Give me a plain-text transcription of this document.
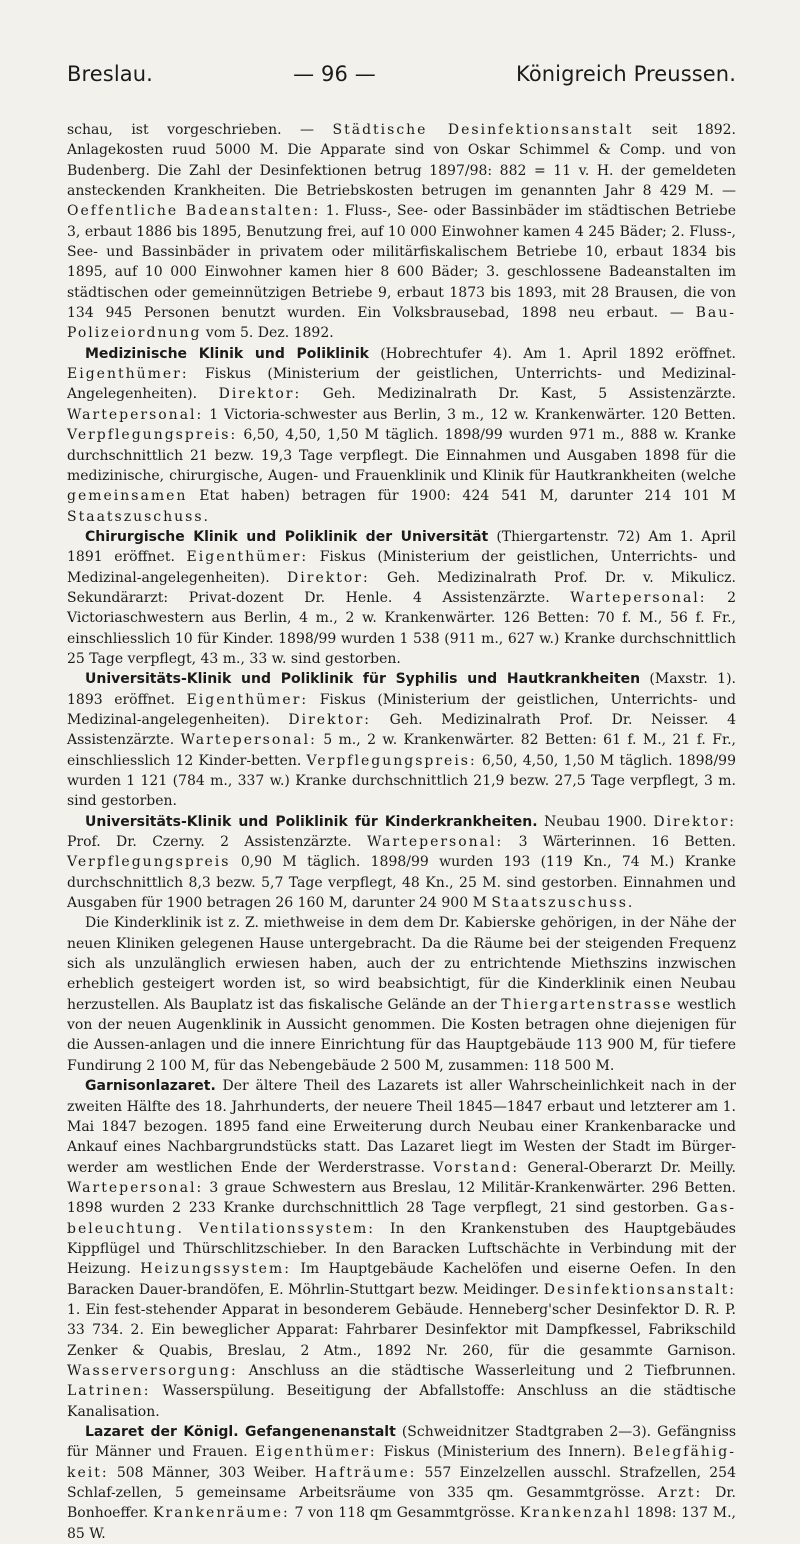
Breslau.	— 96 —	Königreich Preussen.

schau, ist vorgeschrieben. — Städtische Desinfektionsanstalt seit 1892. Anlagekosten ruud 5000 M. Die Apparate sind von Oskar Schimmel & Comp. und von Budenberg. Die Zahl der Desinfektionen betrug 1897/98: 882 = 11 v. H. der gemeldeten ansteckenden Krankheiten. Die Betriebskosten betrugen im genannten Jahr 8 429 M. — Oeffentliche Badeanstalten: 1. Fluss-, See- oder Bassinbäder im städtischen Betriebe 3, erbaut 1886 bis 1895, Benutzung frei, auf 10 000 Einwohner kamen 4 245 Bäder; 2. Fluss-, See- und Bassinbäder in privatem oder militärfiskalischem Betriebe 10, erbaut 1834 bis 1895, auf 10 000 Einwohner kamen hier 8 600 Bäder; 3. geschlossene Badeanstalten im städtischen oder gemeinnützigen Betriebe 9, erbaut 1873 bis 1893, mit 28 Brausen, die von 134 945 Personen benutzt wurden. Ein Volksbrausebad, 1898 neu erbaut. — Bau-Polizeiordnung vom 5. Dez. 1892.

Medizinische Klinik und Poliklinik (Hobrechtufer 4). Am 1. April 1892 eröffnet. Eigenthümer: Fiskus (Ministerium der geistlichen, Unterrichts- und Medizinal-Angelegenheiten). Direktor: Geh. Medizinalrath Dr. Kast, 5 Assistenzärzte. Wartepersonal: 1 Victoria-schwester aus Berlin, 3 m., 12 w. Krankenwärter. 120 Betten. Verpflegungspreis: 6,50, 4,50, 1,50 M täglich. 1898/99 wurden 971 m., 888 w. Kranke durchschnittlich 21 bezw. 19,3 Tage verpflegt. Die Einnahmen und Ausgaben 1898 für die medizinische, chirurgische, Augen- und Frauenklinik und Klinik für Hautkrankheiten (welche gemeinsamen Etat haben) betragen für 1900: 424 541 M, darunter 214 101 M Staatszuschuss.

Chirurgische Klinik und Poliklinik der Universität (Thiergartenstr. 72) Am 1. April 1891 eröffnet. Eigenthümer: Fiskus (Ministerium der geistlichen, Unterrichts- und Medizinal-angelegenheiten). Direktor: Geh. Medizinalrath Prof. Dr. v. Mikulicz. Sekundärarzt: Privat-dozent Dr. Henle. 4 Assistenzärzte. Wartepersonal: 2 Victoriaschwestern aus Berlin, 4 m., 2 w. Krankenwärter. 126 Betten: 70 f. M., 56 f. Fr., einschliesslich 10 für Kinder. 1898/99 wurden 1 538 (911 m., 627 w.) Kranke durchschnittlich 25 Tage verpflegt, 43 m., 33 w. sind gestorben.

Universitäts-Klinik und Poliklinik für Syphilis und Hautkrankheiten (Maxstr. 1). 1893 eröffnet. Eigenthümer: Fiskus (Ministerium der geistlichen, Unterrichts- und Medizinal-angelegenheiten). Direktor: Geh. Medizinalrath Prof. Dr. Neisser. 4 Assistenzärzte. Wartepersonal: 5 m., 2 w. Krankenwärter. 82 Betten: 61 f. M., 21 f. Fr., einschliesslich 12 Kinder-betten. Verpflegungspreis: 6,50, 4,50, 1,50 M täglich. 1898/99 wurden 1 121 (784 m., 337 w.) Kranke durchschnittlich 21,9 bezw. 27,5 Tage verpflegt, 3 m. sind gestorben.

Universitäts-Klinik und Poliklinik für Kinderkrankheiten. Neubau 1900. Direktor: Prof. Dr. Czerny. 2 Assistenzärzte. Wartepersonal: 3 Wärterinnen. 16 Betten. Verpflegungspreis 0,90 M täglich. 1898/99 wurden 193 (119 Kn., 74 M.) Kranke durchschnittlich 8,3 bezw. 5,7 Tage verpflegt, 48 Kn., 25 M. sind gestorben. Einnahmen und Ausgaben für 1900 betragen 26 160 M, darunter 24 900 M Staatszuschuss.

Die Kinderklinik ist z. Z. miethweise in dem dem Dr. Kabierske gehörigen, in der Nähe der neuen Kliniken gelegenen Hause untergebracht. Da die Räume bei der steigenden Frequenz sich als unzulänglich erwiesen haben, auch der zu entrichtende Miethszins inzwischen erheblich gesteigert worden ist, so wird beabsichtigt, für die Kinderklinik einen Neubau herzustellen. Als Bauplatz ist das fiskalische Gelände an der Thiergartenstrasse westlich von der neuen Augenklinik in Aussicht genommen. Die Kosten betragen ohne diejenigen für die Aussen-anlagen und die innere Einrichtung für das Hauptgebäude 113 900 M, für tiefere Fundirung 2 100 M, für das Nebengebäude 2 500 M, zusammen: 118 500 M.

Garnisonlazaret. Der ältere Theil des Lazarets ist aller Wahrscheinlichkeit nach in der zweiten Hälfte des 18. Jahrhunderts, der neuere Theil 1845—1847 erbaut und letzterer am 1. Mai 1847 bezogen. 1895 fand eine Erweiterung durch Neubau einer Krankenbaracke und Ankauf eines Nachbargrundstücks statt. Das Lazaret liegt im Westen der Stadt im Bürger-werder am westlichen Ende der Werderstrasse. Vorstand: General-Oberarzt Dr. Meilly. Wartepersonal: 3 graue Schwestern aus Breslau, 12 Militär-Krankenwärter. 296 Betten. 1898 wurden 2 233 Kranke durchschnittlich 28 Tage verpflegt, 21 sind gestorben. Gas-beleuchtung. Ventilationssystem: In den Krankenstuben des Hauptgebäudes Kippflügel und Thürschlitzschieber. In den Baracken Luftschächte in Verbindung mit der Heizung. Heizungssystem: Im Hauptgebäude Kachelöfen und eiserne Oefen. In den Baracken Dauer-brandöfen, E. Möhrlin-Stuttgart bezw. Meidinger. Desinfektionsanstalt: 1. Ein fest-stehender Apparat in besonderem Gebäude. Henneberg'scher Desinfektor D. R. P. 33 734. 2. Ein beweglicher Apparat: Fahrbarer Desinfektor mit Dampfkessel, Fabrikschild Zenker & Quabis, Breslau, 2 Atm., 1892 Nr. 260, für die gesammte Garnison. Wasserversorgung: Anschluss an die städtische Wasserleitung und 2 Tiefbrunnen. Latrinen: Wasserspülung. Beseitigung der Abfallstoffe: Anschluss an die städtische Kanalisation.

Lazaret der Königl. Gefangenenanstalt (Schweidnitzer Stadtgraben 2—3). Gefängniss für Männer und Frauen. Eigenthümer: Fiskus (Ministerium des Innern). Belegfähig-keit: 508 Männer, 303 Weiber. Hafträume: 557 Einzelzellen ausschl. Strafzellen, 254 Schlaf-zellen, 5 gemeinsame Arbeitsräume von 335 qm. Gesammtgrösse. Arzt: Dr. Bonhoeffer. Krankenräume: 7 von 118 qm Gesammtgrösse. Krankenzahl 1898: 137 M., 85 W.
